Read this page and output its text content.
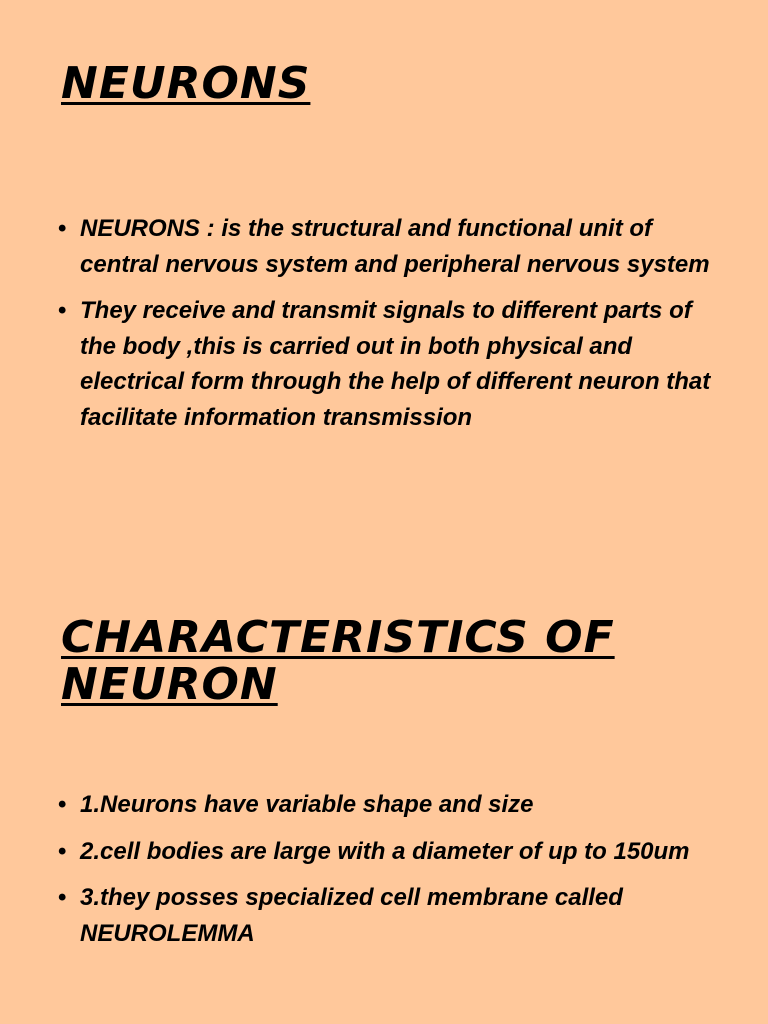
NEURONS
• NEURONS : is the structural and functional unit of central nervous system and peripheral nervous system
• They receive and transmit signals to different parts of the body ,this is carried out in both physical and electrical form through the help of different neuron that facilitate information transmission
CHARACTERISTICS OF NEURON
• 1.Neurons have variable shape and size
• 2.cell bodies are large with a diameter of up to 150um
• 3.they posses specialized cell membrane called NEUROLEMMA
